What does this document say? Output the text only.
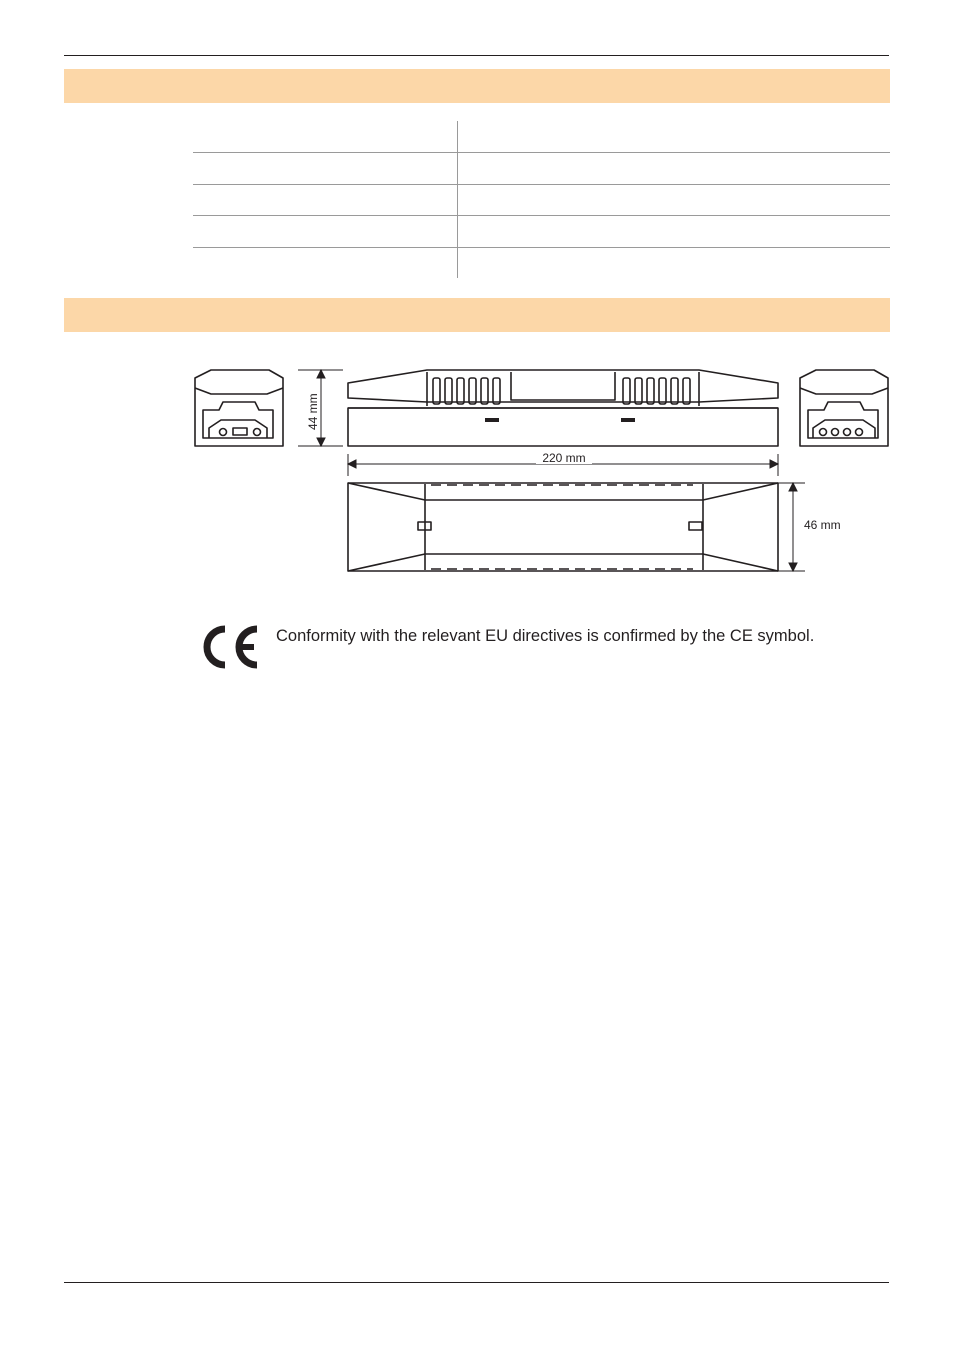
44 mm
220 mm
46 mm
Conformity with the relevant EU directives is confirmed by the CE symbol.
